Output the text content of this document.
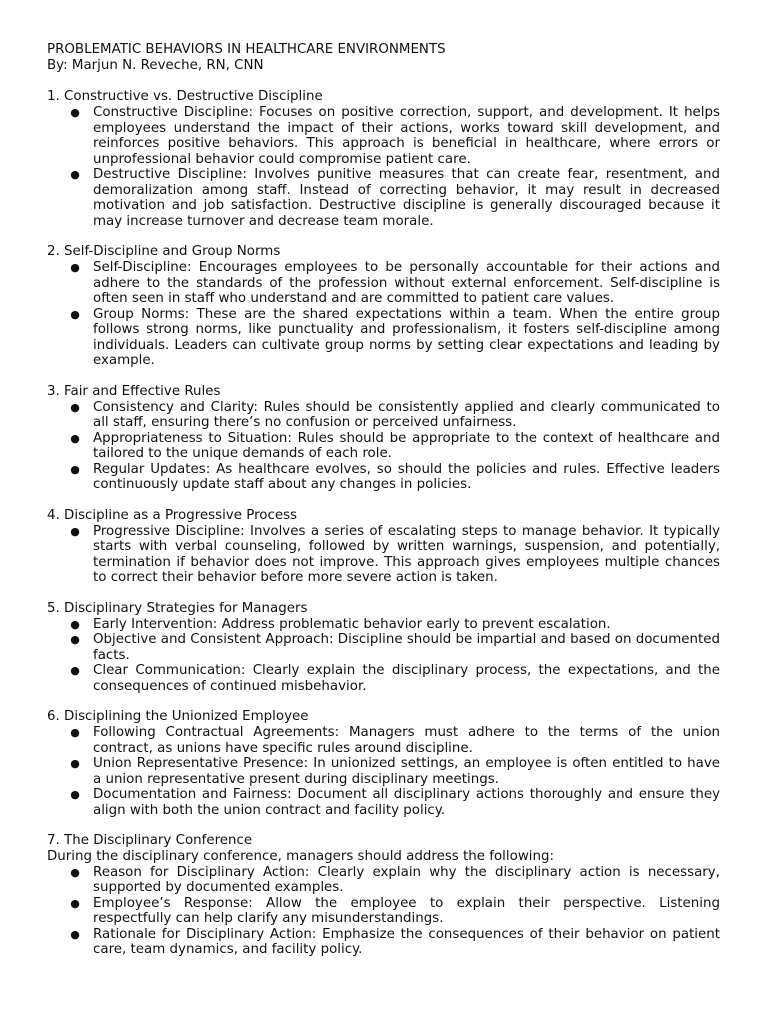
PROBLEMATIC BEHAVIORS IN HEALTHCARE ENVIRONMENTS

By: Marjun N. Reveche, RN, CNN

1. Constructive vs. Destructive Discipline

● Constructive Discipline: Focuses on positive correction, support, and development. It helps employees understand the impact of their actions, works toward skill development, and reinforces positive behaviors. This approach is beneficial in healthcare, where errors or unprofessional behavior could compromise patient care.
● Destructive Discipline: Involves punitive measures that can create fear, resentment, and demoralization among staff. Instead of correcting behavior, it may result in decreased motivation and job satisfaction. Destructive discipline is generally discouraged because it may increase turnover and decrease team morale.

2. Self-Discipline and Group Norms

● Self-Discipline: Encourages employees to be personally accountable for their actions and adhere to the standards of the profession without external enforcement. Self-discipline is often seen in staff who understand and are committed to patient care values.
● Group Norms: These are the shared expectations within a team. When the entire group follows strong norms, like punctuality and professionalism, it fosters self-discipline among individuals. Leaders can cultivate group norms by setting clear expectations and leading by example.

3. Fair and Effective Rules

● Consistency and Clarity: Rules should be consistently applied and clearly communicated to all staff, ensuring there’s no confusion or perceived unfairness.
● Appropriateness to Situation: Rules should be appropriate to the context of healthcare and tailored to the unique demands of each role.
● Regular Updates: As healthcare evolves, so should the policies and rules. Effective leaders continuously update staff about any changes in policies.

4. Discipline as a Progressive Process

● Progressive Discipline: Involves a series of escalating steps to manage behavior. It typically starts with verbal counseling, followed by written warnings, suspension, and potentially, termination if behavior does not improve. This approach gives employees multiple chances to correct their behavior before more severe action is taken.

5. Disciplinary Strategies for Managers

● Early Intervention: Address problematic behavior early to prevent escalation.
● Objective and Consistent Approach: Discipline should be impartial and based on documented facts.
● Clear Communication: Clearly explain the disciplinary process, the expectations, and the consequences of continued misbehavior.

6. Disciplining the Unionized Employee

● Following Contractual Agreements: Managers must adhere to the terms of the union contract, as unions have specific rules around discipline.
● Union Representative Presence: In unionized settings, an employee is often entitled to have a union representative present during disciplinary meetings.
● Documentation and Fairness: Document all disciplinary actions thoroughly and ensure they align with both the union contract and facility policy.

7. The Disciplinary Conference

During the disciplinary conference, managers should address the following:

● Reason for Disciplinary Action: Clearly explain why the disciplinary action is necessary, supported by documented examples.
● Employee’s Response: Allow the employee to explain their perspective. Listening respectfully can help clarify any misunderstandings.
● Rationale for Disciplinary Action: Emphasize the consequences of their behavior on patient care, team dynamics, and facility policy.
